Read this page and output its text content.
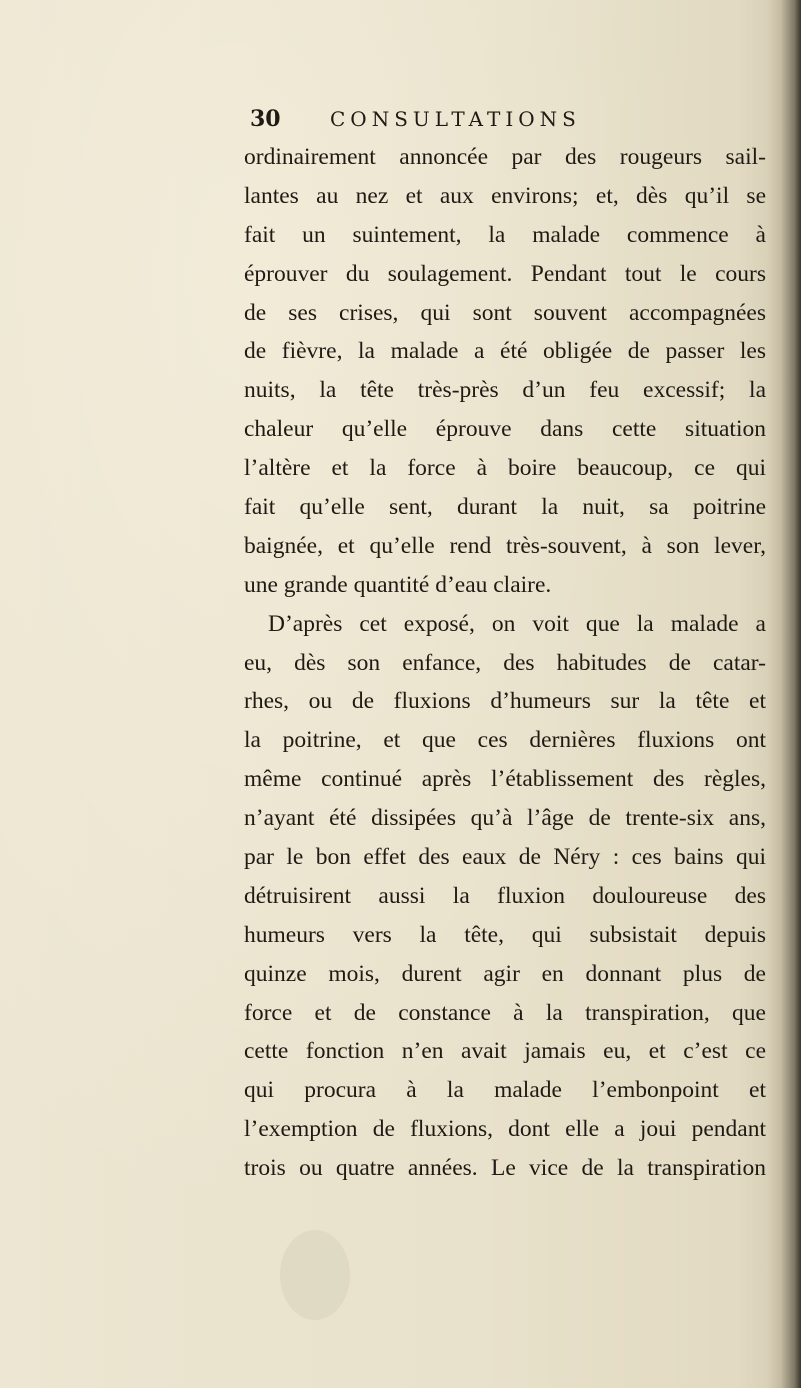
30 CONSULTATIONS
ordinairement annoncée par des rougeurs sail-
lantes au nez et aux environs; et, dès qu’il se
fait un suintement, la malade commence à
éprouver du soulagement. Pendant tout le cours
de ses crises, qui sont souvent accompagnées
de fièvre, la malade a été obligée de passer les
nuits, la tête très-près d’un feu excessif; la
chaleur qu’elle éprouve dans cette situation
l’altère et la force à boire beaucoup, ce qui
fait qu’elle sent, durant la nuit, sa poitrine
baignée, et qu’elle rend très-souvent, à son lever,
une grande quantité d’eau claire.
D’après cet exposé, on voit que la malade a
eu, dès son enfance, des habitudes de catar-
rhes, ou de fluxions d’humeurs sur la tête et
la poitrine, et que ces dernières fluxions ont
même continué après l’établissement des règles,
n’ayant été dissipées qu’à l’âge de trente-six ans,
par le bon effet des eaux de Néry : ces bains qui
détruisirent aussi la fluxion douloureuse des
humeurs vers la tête, qui subsistait depuis
quinze mois, durent agir en donnant plus de
force et de constance à la transpiration, que
cette fonction n’en avait jamais eu, et c’est ce
qui procura à la malade l’embonpoint et
l’exemption de fluxions, dont elle a joui pendant
trois ou quatre années. Le vice de la transpiration
